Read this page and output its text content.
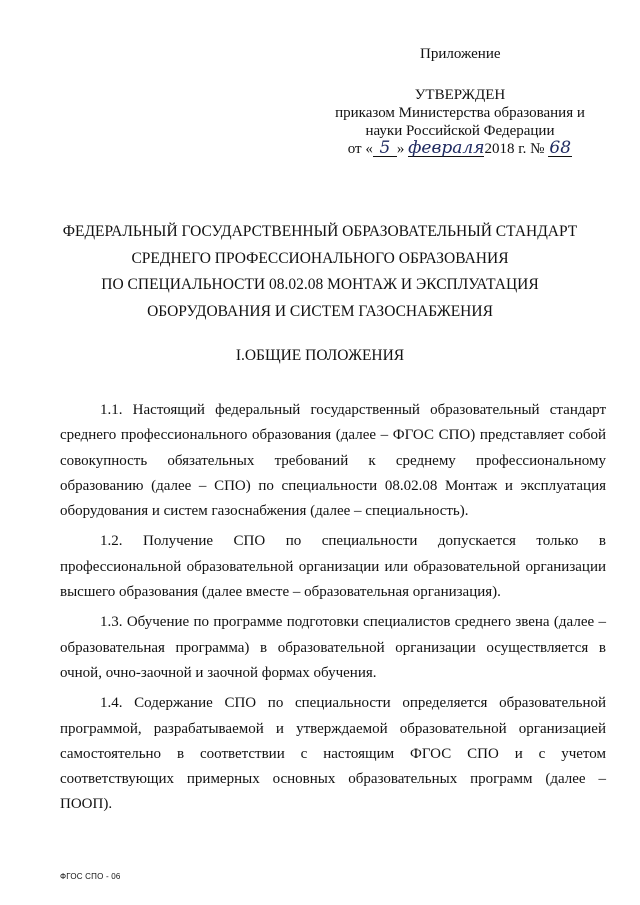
Приложение
УТВЕРЖДЕН
приказом Министерства образования и
науки Российской Федерации
от « 5 » февраля2018 г. № 68
ФЕДЕРАЛЬНЫЙ ГОСУДАРСТВЕННЫЙ ОБРАЗОВАТЕЛЬНЫЙ СТАНДАРТ
СРЕДНЕГО ПРОФЕССИОНАЛЬНОГО ОБРАЗОВАНИЯ
ПО СПЕЦИАЛЬНОСТИ 08.02.08 МОНТАЖ И ЭКСПЛУАТАЦИЯ
ОБОРУДОВАНИЯ И СИСТЕМ ГАЗОСНАБЖЕНИЯ
I.ОБЩИЕ ПОЛОЖЕНИЯ

1.1. Настоящий федеральный государственный образовательный стандарт среднего профессионального образования (далее – ФГОС СПО) представляет собой совокупность обязательных требований к среднему профессиональному образованию (далее – СПО) по специальности 08.02.08 Монтаж и эксплуатация оборудования и систем газоснабжения (далее – специальность).

1.2. Получение СПО по специальности допускается только в профессиональной образовательной организации или образовательной организации высшего образования (далее вместе – образовательная организация).

1.3. Обучение по программе подготовки специалистов среднего звена (далее – образовательная программа) в образовательной организации осуществляется в очной, очно-заочной и заочной формах обучения.

1.4. Содержание СПО по специальности определяется образовательной программой, разрабатываемой и утверждаемой образовательной организацией самостоятельно в соответствии с настоящим ФГОС СПО и с учетом соответствующих примерных основных образовательных программ (далее – ПООП).

ФГОС СПО - 06
